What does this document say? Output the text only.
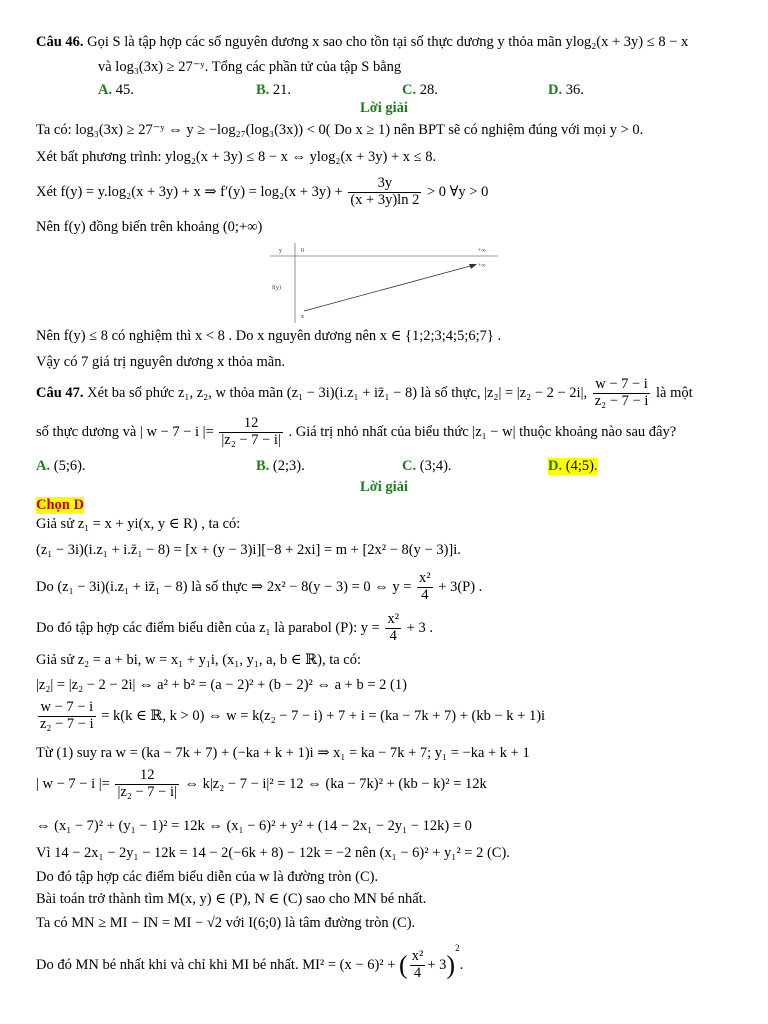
Câu 46. Gọi S là tập hợp các số nguyên dương x sao cho tồn tại số thực dương y thỏa mãn ylog₂(x + 3y) ≤ 8 − x
và log₃(3x) ≥ 27⁻ʸ. Tổng các phần tử của tập S bằng
A. 45.	B. 21.	C. 28.	D. 36.
Lời giải
Ta có: log₃(3x) ≥ 27⁻ʸ ⇔ y ≥ −log₂₇(log₃(3x)) < 0( Do x ≥ 1) nên BPT sẽ có nghiệm đúng với mọi y > 0.
Xét bất phương trình: ylog₂(x + 3y) ≤ 8 − x ⇔ ylog₂(x + 3y) + x ≤ 8.
Xét f(y) = y.log₂(x + 3y) + x ⇒ $f'(y) = \log_2(x + 3y) + \frac{3y}{(x + 3y)\ln 2} > 0$ ∀y > 0
Nên f(y) đồng biến trên khoảng (0;+∞)
y
f(y)
0	+∞
+∞
x
Nên f(y) ≤ 8 có nghiệm thì x < 8 . Do x nguyên dương nên x ∈ {1;2;3;4;5;6;7} .
Vậy có 7 giá trị nguyên dương x thỏa mãn.
Câu 47. Xét ba số phức z₁, z₂, w thỏa mãn (z₁ − 3i)(i.z₁ + iz̄₁ − 8) là số thực, |z₂| = |z₂ − 2 − 2i|, $\frac{w - 7 - i}{\text{z₂ − 7 − i}}$ là một
số thực dương và | w − 7 − i |= $\frac{12}{\text{|z₂ − 7 − i|}}$ . Giá trị nhỏ nhất của biểu thức |z₁ − w| thuộc khoảng nào sau đây?
A. (5;6).	B. (2;3).	C. (3;4).	D. (4;5).
Lời giải
Chọn D
Giả sử z₁ = x + yi(x, y ∈ R) , ta có:
(z₁ − 3i)(i.z₁ + i.z̄₁ − 8) = [x + (y − 3)i][−8 + 2xi] = m + [2x² − 8(y − 3)]i.
Do (z₁ − 3i)(i.z₁ + iz̄₁ − 8) là số thực ⇒ 2x² − 8(y − 3) = 0 ⇔ $y = \frac{\text{x²}}{4} + 3(P)$ .
Do đó tập hợp các điểm biểu diễn của z₁ là parabol (P): $y = \frac{\text{x²}}{4} + 3$ .
Giả sử z₂ = a + bi, w = x₁ + y₁i, (x₁, y₁, a, b ∈ ℝ), ta có:
|z₂| = |z₂ − 2 − 2i| ⇔ a² + b² = (a − 2)² + (b − 2)² ⇔ a + b = 2 (1)
$\frac{w - 7 - i}{\text{z₂ − 7 − i}} = k(k$ ∈ ℝ, k > 0) ⇔ w = k(z₂ − 7 − i) + 7 + i = (ka − 7k + 7) + (kb − k + 1)i
Từ (1) suy ra w = (ka − 7k + 7) + (−ka + k + 1)i ⇒ x₁ = ka − 7k + 7; y₁ = −ka + k + 1
| w − 7 − i |= $\frac{12}{\text{|z₂ − 7 − i|}}$ ⇔ k|z₂ − 7 − i|² = 12 ⇔ (ka − 7k)² + (kb − k)² = 12k
⇔ (x₁ − 7)² + (y₁ − 1)² = 12k ⇔ (x₁ − 6)² + y² + (14 − 2x₁ − 2y₁ − 12k) = 0
Vì 14 − 2x₁ − 2y₁ − 12k = 14 − 2(−6k + 8) − 12k = −2 nên (x₁ − 6)² + y₁² = 2 (C).
Do đó tập hợp các điểm biểu diễn của w là đường tròn (C).
Bài toán trở thành tìm M(x, y) ∈ (P), N ∈ (C) sao cho MN bé nhất.
Ta có MN ≥ MI − IN = MI − √2 với I(6;0) là tâm đường tròn (C).
Do đó MN bé nhất khi và chỉ khi MI bé nhất. MI² = (x − 6)² + ( $\frac{\text{x²}}{4} + 3)^2$.
